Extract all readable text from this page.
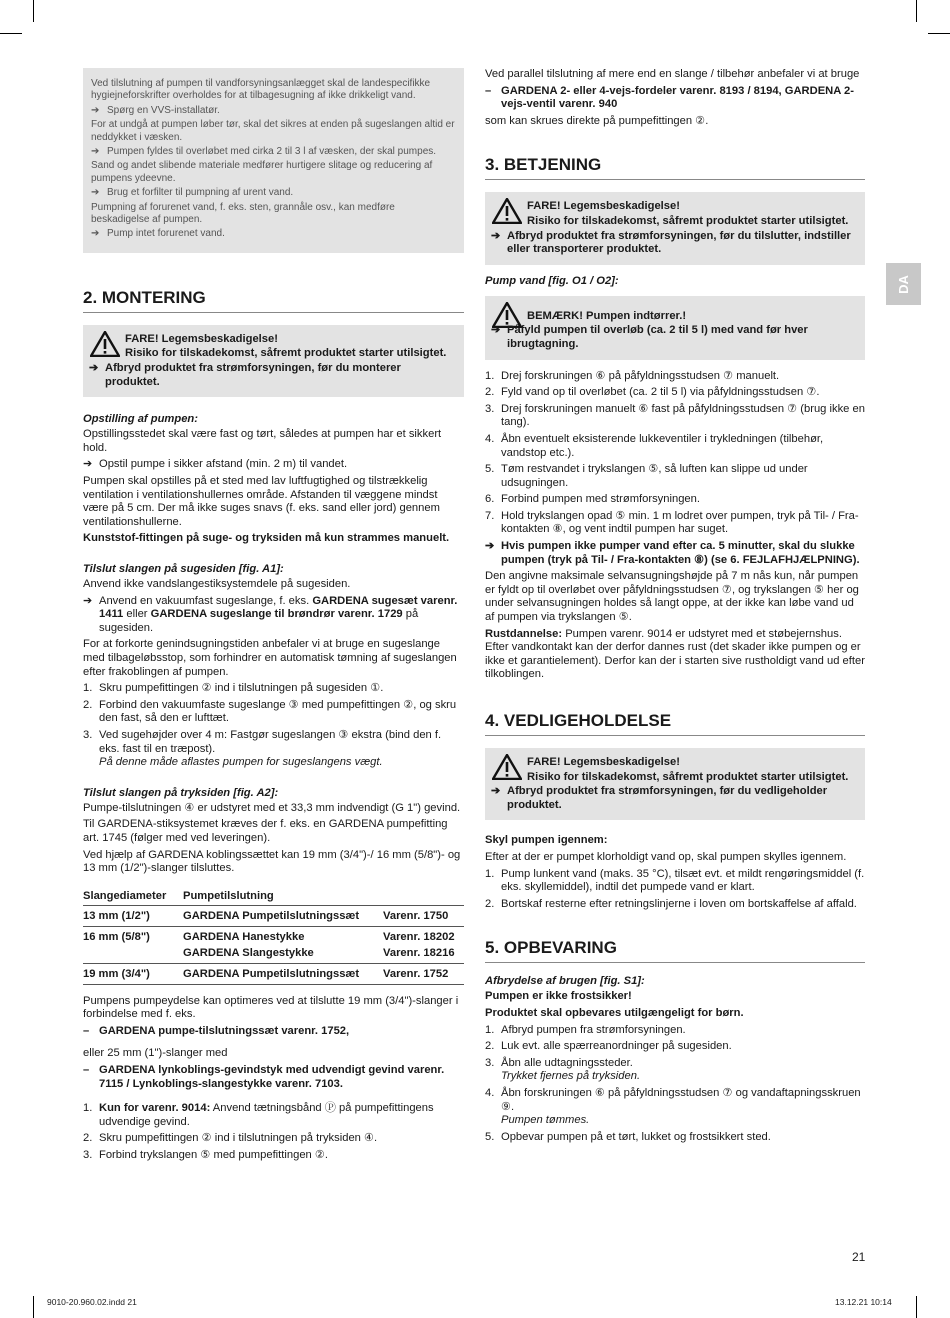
DA
Ved tilslutning af pumpen til vandforsyningsanlægget skal de landespecifikke hygiejneforskrifter overholdes for at tilbagesugning af ikke drikkeligt vand.
➔ Spørg en VVS-installatør.
For at undgå at pumpen løber tør, skal det sikres at enden på sugeslangen altid er neddykket i væsken.
➔ Pumpen fyldes til overløbet med cirka 2 til 3 l af væsken, der skal pumpes.
Sand og andet slibende materiale medfører hurtigere slitage og reducering af pumpens ydeevne.
➔ Brug et forfilter til pumpning af urent vand.
Pumpning af forurenet vand, f. eks. sten, grannåle osv., kan medføre beskadigelse af pumpen.
➔ Pump intet forurenet vand.
2. MONTERING
FARE! Legemsbeskadigelse!
Risiko for tilskadekomst, såfremt produktet starter utilsigtet.
➔ Afbryd produktet fra strømforsyningen, før du monterer produktet.
Opstilling af pumpen:
Opstillingsstedet skal være fast og tørt, således at pumpen har et sikkert hold.
➔ Opstil pumpe i sikker afstand (min. 2 m) til vandet.
Pumpen skal opstilles på et sted med lav luftfugtighed og tilstrækkelig ventilation i ventilationshullernes område. Afstanden til væggene mindst være på 5 cm. Der må ikke suges snavs (f. eks. sand eller jord) gennem ventilationshullerne.
Kunststof-fittingen på suge- og tryksiden må kun strammes manuelt.
Tilslut slangen på sugesiden [fig. A1]:
Anvend ikke vandslangestiksystemdele på sugesiden.
➔ Anvend en vakuumfast sugeslange, f. eks. GARDENA sugesæt varenr. 1411 eller GARDENA sugeslange til brøndrør varenr. 1729 på sugesiden.
For at forkorte genindsugningstiden anbefaler vi at bruge en sugeslange med tilbageløbsstop, som forhindrer en automatisk tømning af sugeslangen efter frakoblingen af pumpen.
1. Skru pumpefittingen ② ind i tilslutningen på sugesiden ①.
2. Forbind den vakuumfaste sugeslange ③ med pumpefittingen ②, og skru den fast, så den er lufttæt.
3. Ved sugehøjder over 4 m: Fastgør sugeslangen ③ ekstra (bind den f. eks. fast til en træpost).
På denne måde aflastes pumpen for sugeslangens vægt.
Tilslut slangen på tryksiden [fig. A2]:
Pumpe-tilslutningen ④ er udstyret med et 33,3 mm indvendigt (G 1") gevind.
Til GARDENA-stiksystemet kræves der f. eks. en GARDENA pumpefitting art. 1745 (følger med ved leveringen).
Ved hjælp af GARDENA koblingssættet kan 19 mm (3/4")-/ 16 mm (5/8")- og 13 mm (1/2")-slanger tilsluttes.
Slangediameter	Pumpetilslutning	
13 mm (1/2")	GARDENA Pumpetilslutningssæt	Varenr. 1750
16 mm (5/8")	GARDENA Hanestykke	Varenr. 18202
	GARDENA Slangestykke	Varenr. 18216
19 mm (3/4")	GARDENA Pumpetilslutningssæt	Varenr. 1752
Pumpens pumpeydelse kan optimeres ved at tilslutte 19 mm (3/4")-slanger i forbindelse med f. eks.
– GARDENA pumpe-tilslutningssæt varenr. 1752,
eller 25 mm (1")-slanger med
– GARDENA lynkoblings-gevindstyk med udvendigt gevind varenr. 7115 / Lynkoblings-slangestykke varenr. 7103.
1. Kun for varenr. 9014: Anvend tætningsbånd Ⓟ på pumpefittingens udvendige gevind.
2. Skru pumpefittingen ② ind i tilslutningen på tryksiden ④.
3. Forbind trykslangen ⑤ med pumpefittingen ②.
Ved parallel tilslutning af mere end en slange / tilbehør anbefaler vi at bruge
– GARDENA 2- eller 4-vejs-fordeler varenr. 8193 / 8194, GARDENA 2-vejs-ventil varenr. 940
som kan skrues direkte på pumpefittingen ②.
3. BETJENING
FARE! Legemsbeskadigelse!
Risiko for tilskadekomst, såfremt produktet starter utilsigtet.
➔ Afbryd produktet fra strømforsyningen, før du tilslutter, indstiller eller transporterer produktet.
Pump vand [fig. O1 / O2]:
BEMÆRK! Pumpen indtørrer.!
➔ Påfyld pumpen til overløb (ca. 2 til 5 l) med vand før hver ibrugtagning.
1. Drej forskruningen ⑥ på påfyldningsstudsen ⑦ manuelt.
2. Fyld vand op til overløbet (ca. 2 til 5 l) via påfyldningsstudsen ⑦.
3. Drej forskruningen manuelt ⑥ fast på påfyldningsstudsen ⑦ (brug ikke en tang).
4. Åbn eventuelt eksisterende lukkeventiler i trykledningen (tilbehør, vandstop etc.).
5. Tøm restvandet i trykslangen ⑤, så luften kan slippe ud under udsugningen.
6. Forbind pumpen med strømforsyningen.
7. Hold trykslangen opad ⑤ min. 1 m lodret over pumpen, tryk på Til- / Fra-kontakten ⑧, og vent indtil pumpen har suget.
➔ Hvis pumpen ikke pumper vand efter ca. 5 minutter, skal du slukke pumpen (tryk på Til- / Fra-kontakten ⑧) (se 6. FEJLAFHJÆLPNING).
Den angivne maksimale selvansugningshøjde på 7 m nås kun, når pumpen er fyldt op til overløbet over påfyldningsstudsen ⑦, og trykslangen ⑤ her og under selvansugningen holdes så langt oppe, at der ikke kan løbe vand ud af pumpen via trykslangen ⑤.
Rustdannelse: Pumpen varenr. 9014 er udstyret med et støbejernshus. Efter vandkontakt kan der derfor dannes rust (det skader ikke pumpen og er ikke et garantielement). Derfor kan der i starten sive rustholdigt vand ud efter tilkoblingen.
4. VEDLIGEHOLDELSE
FARE! Legemsbeskadigelse!
Risiko for tilskadekomst, såfremt produktet starter utilsigtet.
➔ Afbryd produktet fra strømforsyningen, før du vedligeholder produktet.
Skyl pumpen igennem:
Efter at der er pumpet klorholdigt vand op, skal pumpen skylles igennem.
1. Pump lunkent vand (maks. 35 °C), tilsæt evt. et mildt rengøringsmiddel (f. eks. skyllemiddel), indtil det pumpede vand er klart.
2. Bortskaf resterne efter retningslinjerne i loven om bortskaffelse af affald.
5. OPBEVARING
Afbrydelse af brugen [fig. S1]:
Pumpen er ikke frostsikker!
Produktet skal opbevares utilgængeligt for børn.
1. Afbryd pumpen fra strømforsyningen.
2. Luk evt. alle spærreanordninger på sugesiden.
3. Åbn alle udtagningssteder.
Trykket fjernes på tryksiden.
4. Åbn forskruningen ⑥ på påfyldningsstudsen ⑦ og vandaftapningsskruen ⑨.
Pumpen tømmes.
5. Opbevar pumpen på et tørt, lukket og frostsikkert sted.
21
9010-20.960.02.indd 21	13.12.21 10:14
